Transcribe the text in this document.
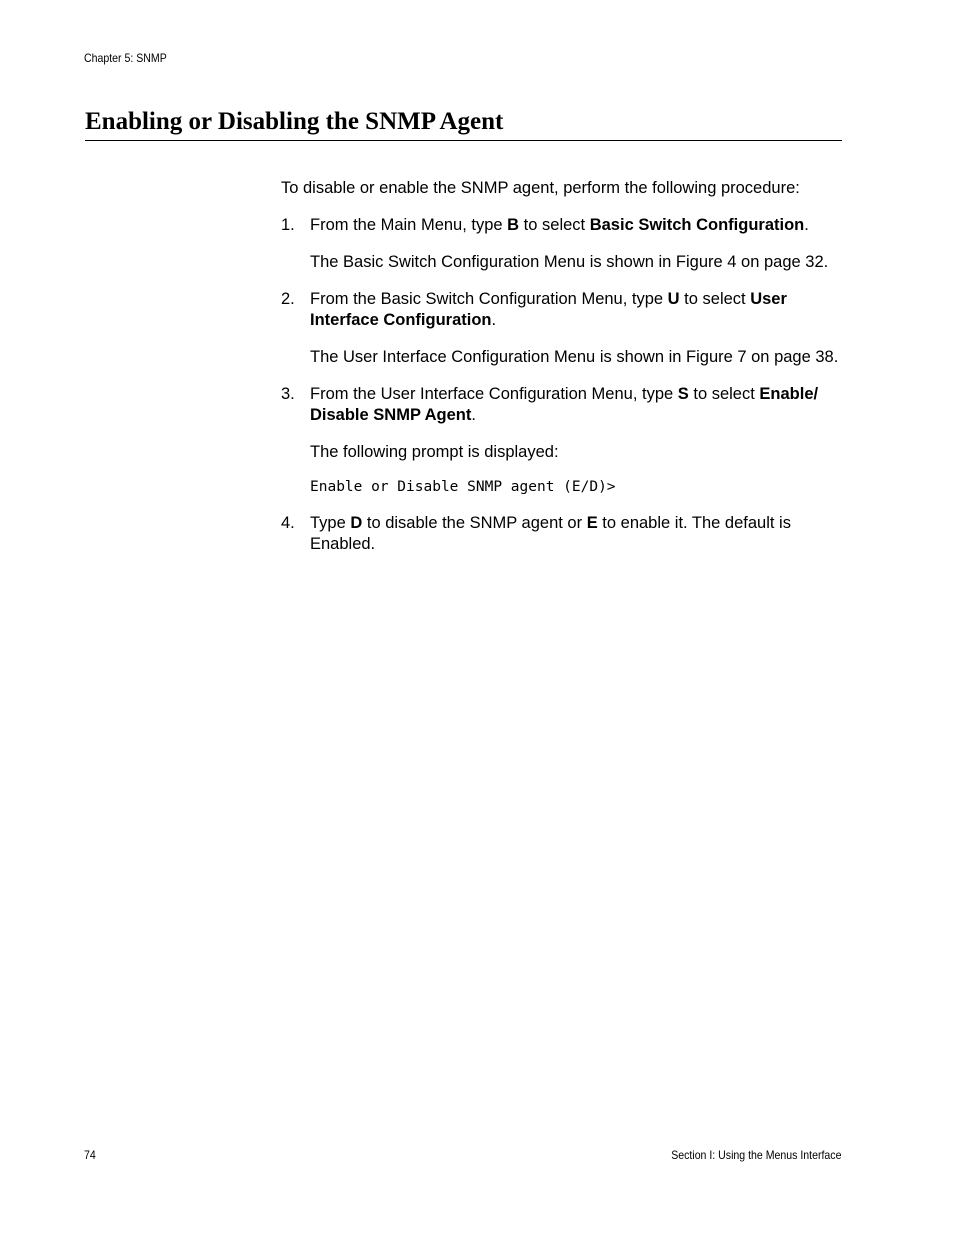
Chapter 5: SNMP
Enabling or Disabling the SNMP Agent

To disable or enable the SNMP agent, perform the following procedure:

1. From the Main Menu, type B to select Basic Switch Configuration.

The Basic Switch Configuration Menu is shown in Figure 4 on page 32.

2. From the Basic Switch Configuration Menu, type U to select User Interface Configuration.

The User Interface Configuration Menu is shown in Figure 7 on page 38.

3. From the User Interface Configuration Menu, type S to select Enable/ Disable SNMP Agent.

The following prompt is displayed:

Enable or Disable SNMP agent (E/D)>
4. Type D to disable the SNMP agent or E to enable it. The default is Enabled.

74	Section I: Using the Menus Interface
